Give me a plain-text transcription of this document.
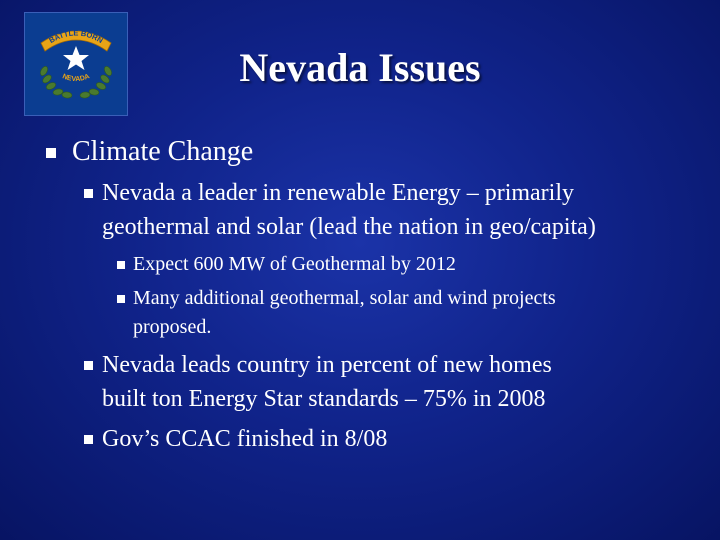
BATTLE BORN
NEVADA	Nevada Issues
Climate Change
Nevada a leader in renewable Energy – primarily
geothermal and solar (lead the nation in geo/capita)
Expect 600 MW of Geothermal by 2012
Many additional geothermal, solar and wind projects
proposed.
Nevada leads country in percent of new homes
built ton Energy Star standards – 75% in 2008
Gov’s CCAC finished in 8/08
